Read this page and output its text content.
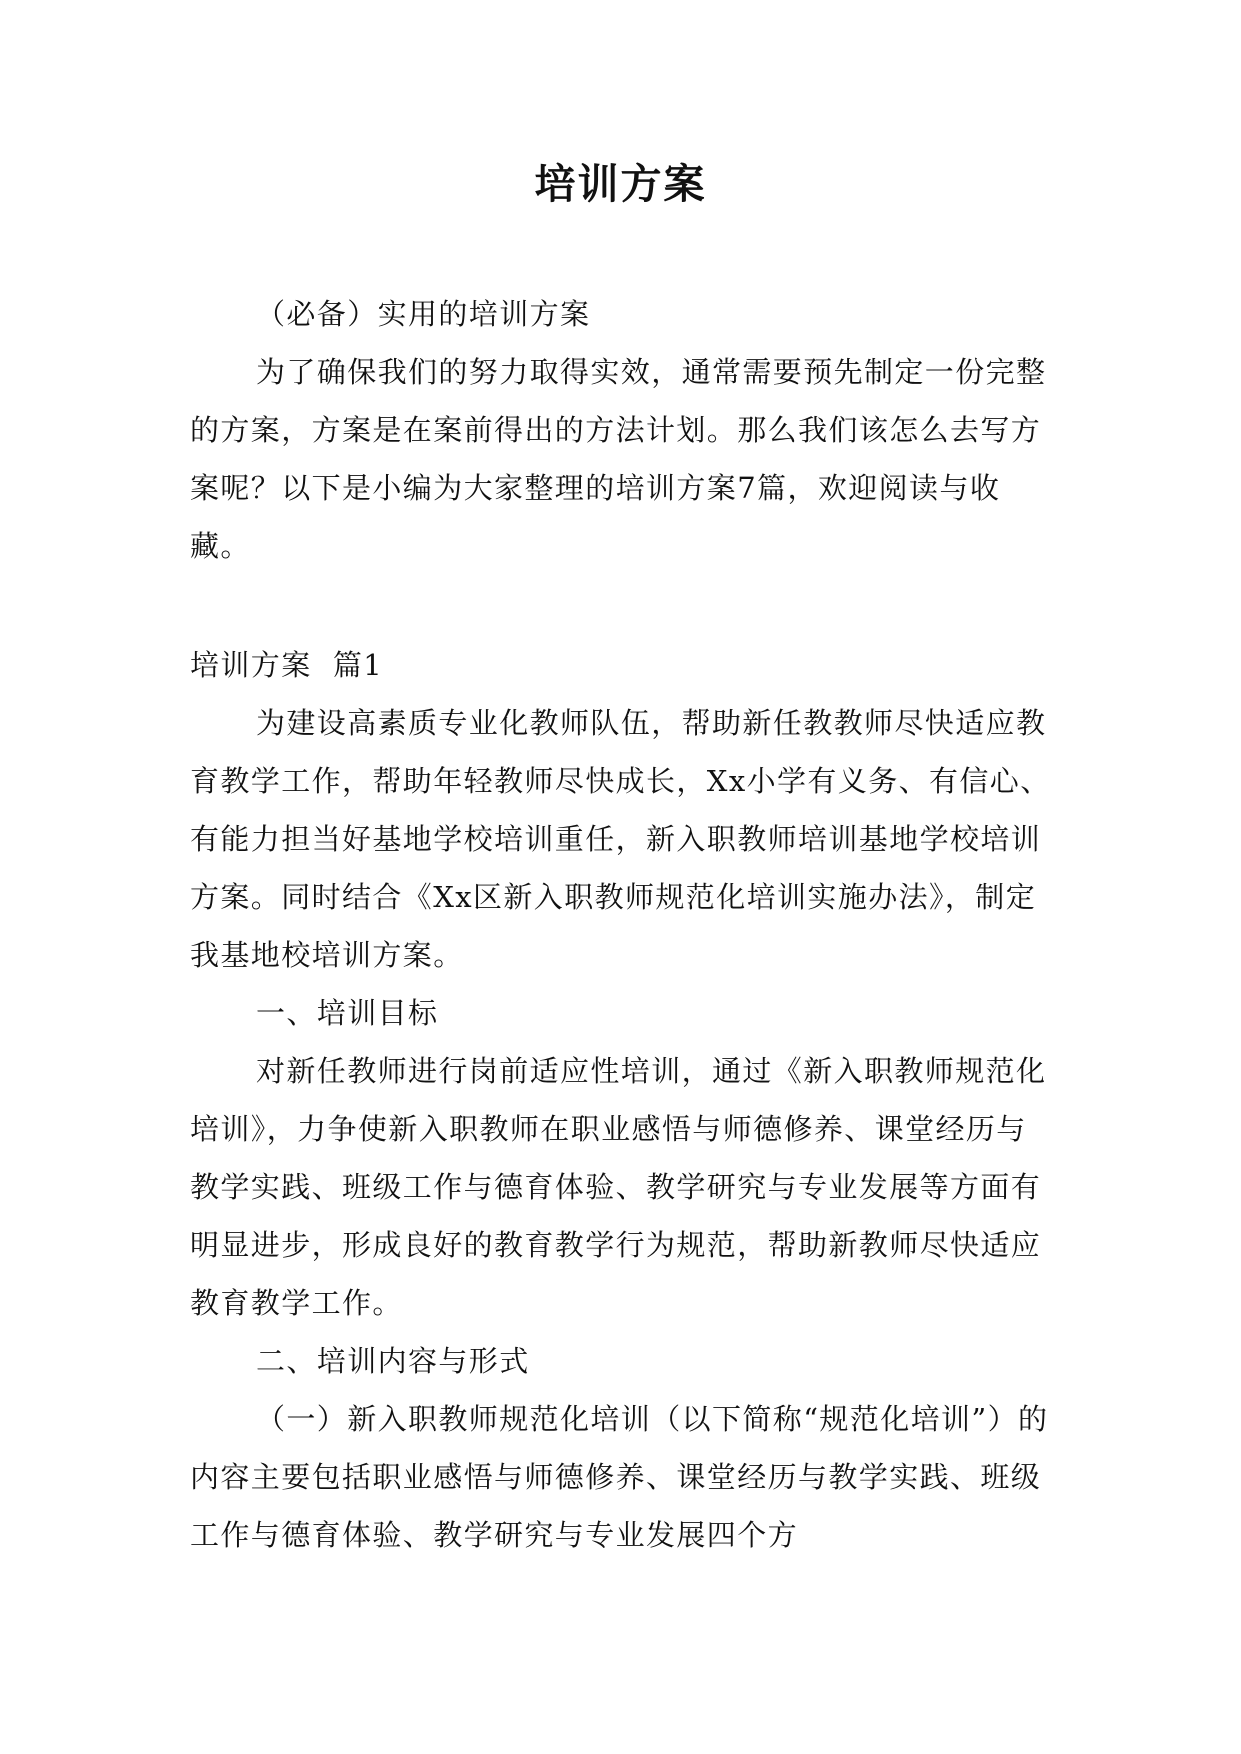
培训方案

（必备）实用的培训方案

为了确保我们的努力取得实效，通常需要预先制定一份完整的方案，方案是在案前得出的方法计划。那么我们该怎么去写方案呢？以下是小编为大家整理的培训方案7篇，欢迎阅读与收藏。

培训方案  篇1

为建设高素质专业化教师队伍，帮助新任教教师尽快适应教育教学工作，帮助年轻教师尽快成长，Xx小学有义务、有信心、有能力担当好基地学校培训重任，新入职教师培训基地学校培训方案。同时结合《Xx区新入职教师规范化培训实施办法》，制定我基地校培训方案。

一、培训目标

对新任教师进行岗前适应性培训，通过《新入职教师规范化培训》，力争使新入职教师在职业感悟与师德修养、课堂经历与教学实践、班级工作与德育体验、教学研究与专业发展等方面有明显进步，形成良好的教育教学行为规范，帮助新教师尽快适应教育教学工作。

二、培训内容与形式

（一）新入职教师规范化培训（以下简称“规范化培训”）的内容主要包括职业感悟与师德修养、课堂经历与教学实践、班级工作与德育体验、教学研究与专业发展四个方
